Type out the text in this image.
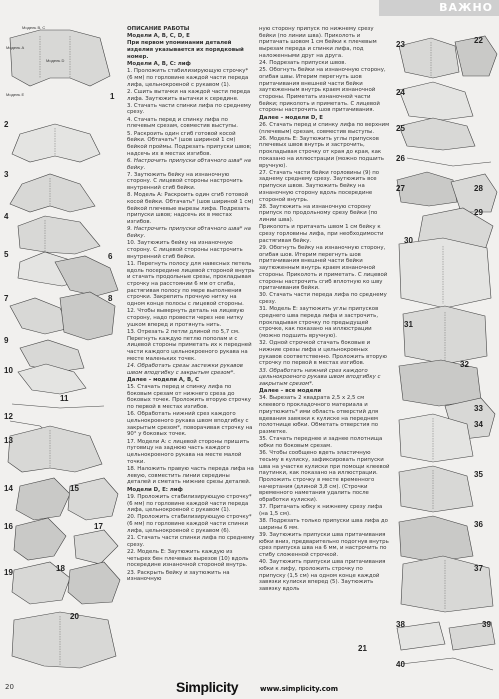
ВАЖНО
Модель В, С
Модель А
Модель D
Модель Е	1
2
3
4
5	6
7	8
9
10
11
12
13
14	15
16	17
18
19
20

ОПИСАНИЕ РАБОТЫ

Модели А, В, С, D, Е

При первом упоминании деталей изделия указывается их порядковый номер.

Модели А, В, С: лиф

1. Проложить стабилизирующую строчку* (6 мм) по горловине каждой части переда лифа, цельнокроеной с рукавом (1).

2. Сшить вытачки на каждой части переда лифа. Заутюжить вытачки к середине.

3. Стачать части спинки лифа по среднему срезу.

4. Стачать перед и спинку лифа по плечевым срезам, совместив выступы.

5. Раскроить один сгиб готовой косой бейки. Обтачать* (шов шириной 1 см) бейкой проймы. Подрезать припуски швов; надсечь их в местах изгибов.

6. Настрочить припуски обтачного шва* на бейку.

7. Заутюжить бейку на изнаночную сторону. С лицевой стороны настрочить внутренний сгиб бейки.

8. Модель А: Раскроить один сгиб готовой косой бейки. Обтачать* (шов шириной 1 см) бейкой плечевые вырезы лифа. Подрезать припуски швов; надсечь их в местах изгибов.

9. Настрочить припуски обтачного шва* на бейку.

10. Заутюжить бейку на изнаночную сторону. С лицевой стороны настрочить внутренний сгиб бейки.

11. Перегнуть полосу для навесных петель вдоль посередине лицевой стороной внутрь и стачать продольные срезы, прокладывая строчку на расстоянии 6 мм от сгиба, растягивая полосу по мере выполнения строчки. Закрепить прочную нитку на одном конце полосы с лицевой стороны.

12. Чтобы вывернуть деталь на лицевую сторону, надо провести через нее нитку ушком вперед и протянуть нить.

13. Отрезать 2 петли длиной по 5,7 см. Перегнуть каждую петлю пополам и с лицевой стороны приметать их к передней части каждого цельнокроеного рукава на месте маленьких точек.

14. Обработать срезы застежки рукавов швом вподгибку с закрытым срезом*.

Далее – модели А, В, С

15. Стачать перед и спинку лифа по боковым срезам от нижнего среза до боковых точек. Проложить вторую строчку по первой в местах изгибов.

16. Обработать нижний срез каждого цельнокроеного рукава швом вподгибку с закрытым срезом*, поворачивая строчку на 90° у боковых точек.

17. Модели А: с лицевой стороны пришить пуговицу на заднюю часть каждого цельнокроеного рукава на месте малой точки.

18. Наложить правую часть переда лифа на левую, совместить линии середины деталей и сметать нижние срезы деталей.

Модели D, Е: лиф

19. Проложить стабилизирующую строчку* (6 мм) по горловине каждой части переда лифа, цельнокроеной с рукавом (1).

20. Проложить стабилизирующую строчку* (6 мм) по горловине каждой части спинки лифа, цельнокроеной с рукавом (6).

21. Стачать части спинки лифа по среднему срезу.

22. Модель Е: Заутюжить каждую из четырех бен плечевых вырезов (10) вдоль посередине изнаночной стороной внутрь.

23. Раскрыть бейку и заутюжить на изнаночную

ную сторону припуск по нижнему срезу бейки (по линии шва). Приколоть и притачать шовом 1 см бейки к плечевым вырезам переда и спинки лифа, под наложенными друг на друга.

24. Подрезать припуски швов.

25. Обогнуть бейки на изнаночную сторону, огибая швы. Итерим перегнуть шов притачивания внешней части бейки заутюженным внутрь краем изнаночной стороны. Приметать изнаночной части бейки; приколоть и приметать. С лицевой стороны настрочить шов притачивания.

Далее – модели D, Е

26. Стачать перед и спинку лифа по верхним (плечевым) срезам, совместив выступы.

26. Модель Е: Заутюжить углы припусков плечевых швов внутрь и застрочить, прокладывая строчку от края до края, как показано на иллюстрации (можно подшить вручную).

27. Стачать части бейки горловины (9) по заднему среднему срезу. Заутюжить все припуски швов. Заутюжить бейку на изнаночную сторону вдоль посередине стороной внутрь.

28. Заутюжить на изнаночную сторону припуск по продольному срезу бейки (по линии шва).

Приколоть и притачать швом 1 см бейку к срезу горловины лифа, при необходимости растягивая бейку.

29. Обогнуть бейку на изнаночную сторону, огибая шов. Итерим перегнуть шов притачивания внешней части бейки заутюженным внутрь краем изнаночной стороны. Приколоть и приметать. С лицевой стороны настрочить сгиб вплотную ко шву притачивания бейки.

30. Стачать части переда лифа по среднему срезу.

31. Модель Е: заутюжить углы припусков среднего шва переда лифа и застрочить, прокладывая строчку по предыдущей строчке, как показано на иллюстрации (можно подшить вручную).

32. Одной строчкой стачать боковые и нижние срезы лифа и цельнокроеных рукавов соответственно. Проложить вторую строчку по первой в местах изгибов.

33. Обработать нижний срез каждого цельнокроеного рукава швом вподгибку с закрытым срезом*.

Далее – все модели

34. Вырезать 2 квадрата 2,5 х 2,5 см клеевого прокладочного материала и приутюжить* ими область отверстий для вдевания завязки к кулиске на переднем полотнище юбки. Обметать отверстия по разметке.

35. Стачать переднее и заднее полотнища юбки по боковым срезам.

36. Чтобы сообщено вдеть эластичную тесьму в кулиску, зафиксировать припуски шва на участке кулиски при помощи клеевой паутинки, как показано на иллюстрации. Проложить строчку в месте временного начертания (длиной 3,8 см). (Строчки временного наметания удалить после обработки кулиски).

37. Притачать юбку к нижнему срезу лифа (на 1,5 см).

38. Подрезать только припуски шва лифа до ширины 6 мм.

39. Заутюжить припуски шва притачивания юбки вниз, предварительно подогнув внутрь срез припуска шва на 6 мм, и настрочить по стибу сложенной строчкой.

40. Заутюжить припуски шва притачивания юбки к лифу, проложить строчку по припуску (1,5 см) на одном конце каждой завязки кулиски вперед (5). Заутюжить завязку вдоль

21
22
23
24
25
26
27	28
29
30
31
32
33
34
35
36
37
38	39
40
20	Simplicity	www.simplicity.com
